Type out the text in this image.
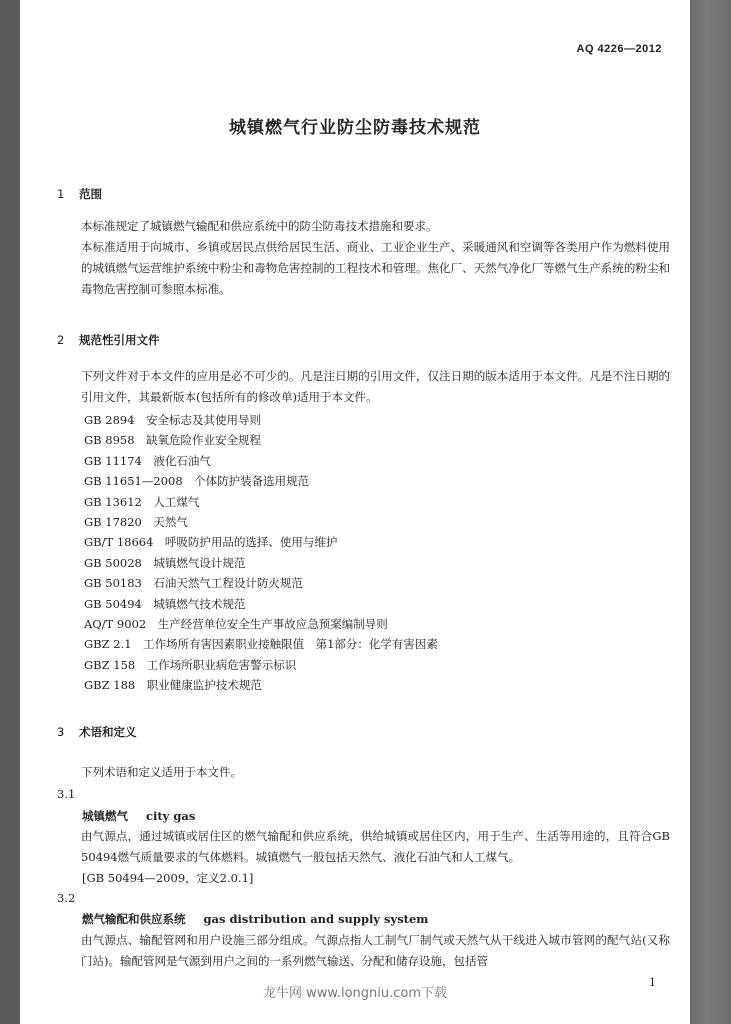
AQ 4226—2012
城镇燃气行业防尘防毒技术规范
1 范围
本标准规定了城镇燃气输配和供应系统中的防尘防毒技术措施和要求。
本标准适用于向城市、乡镇或居民点供给居民生活、商业、工业企业生产、采暖通风和空调等各类用户作为燃料使用的城镇燃气运营维护系统中粉尘和毒物危害控制的工程技术和管理。焦化厂、天然气净化厂等燃气生产系统的粉尘和毒物危害控制可参照本标准。
2 规范性引用文件
下列文件对于本文件的应用是必不可少的。凡是注日期的引用文件，仅注日期的版本适用于本文件。凡是不注日期的引用文件，其最新版本(包括所有的修改单)适用于本文件。
GB 2894　 安全标志及其使用导则
GB 8958　 缺氧危险作业安全规程
GB 11174　 液化石油气
GB 11651—2008　 个体防护装备选用规范
GB 13612　 人工煤气
GB 17820　 天然气
GB/T 18664　 呼吸防护用品的选择、使用与维护
GB 50028　 城镇燃气设计规范
GB 50183　 石油天然气工程设计防火规范
GB 50494　 城镇燃气技术规范
AQ/T 9002　 生产经营单位安全生产事故应急预案编制导则
GBZ 2.1　 工作场所有害因素职业接触限值　第1部分：化学有害因素
GBZ 158　 工作场所职业病危害警示标识
GBZ 188　 职业健康监护技术规范
3 术语和定义
下列术语和定义适用于本文件。
3.1
城镇燃气 city gas
由气源点，通过城镇或居住区的燃气输配和供应系统，供给城镇或居住区内，用于生产、生活等用途的，且符合GB 50494燃气质量要求的气体燃料。城镇燃气一般包括天然气、液化石油气和人工煤气。
[GB 50494—2009，定义2.0.1]
3.2
燃气输配和供应系统 gas distribution and supply system
由气源点、输配管网和用户设施三部分组成。气源点指人工制气厂制气或天然气从干线进入城市管网的配气站(又称门站)。输配管网是气源到用户之间的一系列燃气输送、分配和储存设施，包括管
1
龙牛网 www.longniu.com下载
